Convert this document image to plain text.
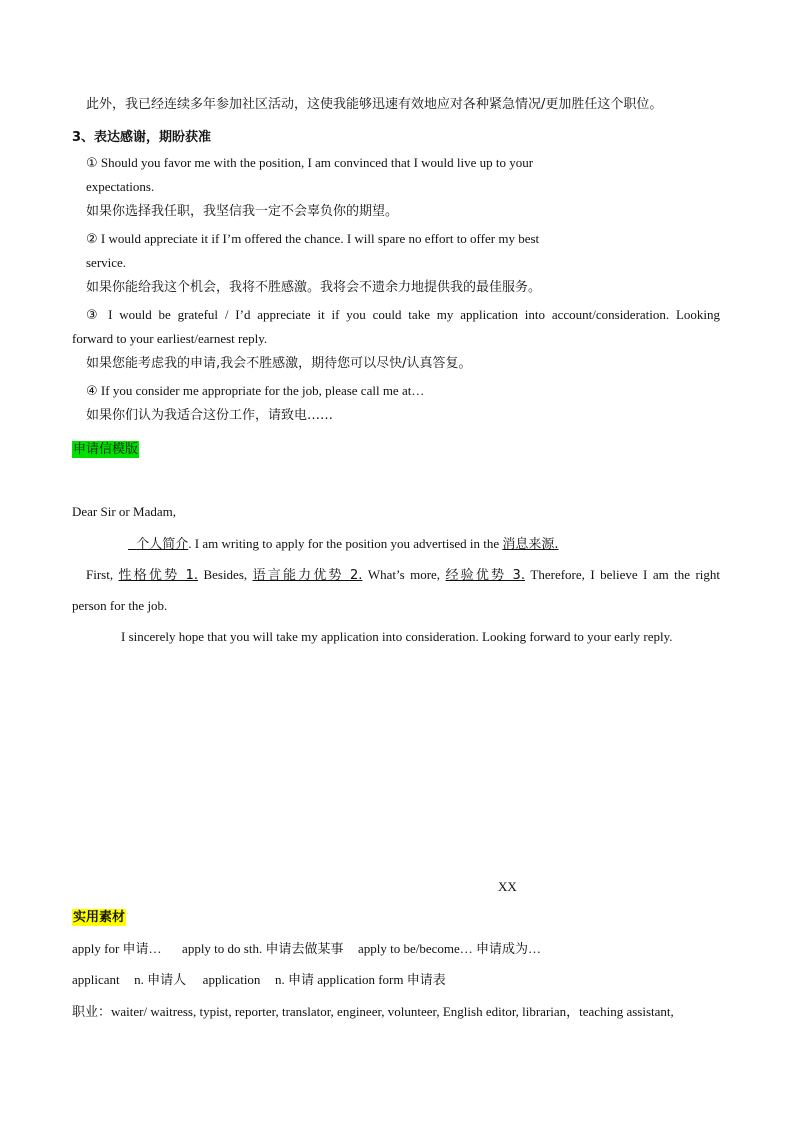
此外，我已经连续多年参加社区活动，这使我能够迅速有效地应对各种紧急情况/更加胜任这个职位。
3、表达感谢，期盼获准
① Should you favor me with the position, I am convinced that I would live up to your
expectations.
如果你选择我任职，我坚信我一定不会辜负你的期望。
② I would appreciate it if I’m offered the chance. I will spare no effort to offer my best
service.
如果你能给我这个机会，我将不胜感激。我将会不遗余力地提供我的最佳服务。
③ I would be grateful / I’d appreciate it if you could take my application into account/consideration. Looking
forward to your earliest/earnest reply.
如果您能考虑我的申请,我会不胜感激，期待您可以尽快/认真答复。
④ If you consider me appropriate for the job, please call me at…
如果你们认为我适合这份工作，请致电……
申请信模版
Dear Sir or Madam,
个人简介. I am writing to apply for the position you advertised in the 消息来源.
First, 性格优势 1. Besides, 语言能力优势 2. What’s more, 经验优势 3. Therefore, I believe I am the right
person for the job.
I sincerely hope that you will take my application into consideration. Looking forward to your early reply.
XX
实用素材
apply for 申请… apply to do sth. 申请去做某事 apply to be/become… 申请成为…
applicant n. 申请人 application n. 申请 application form 申请表
职业：waiter/ waitress, typist, reporter, translator, engineer, volunteer, English editor, librarian，teaching assistant,
